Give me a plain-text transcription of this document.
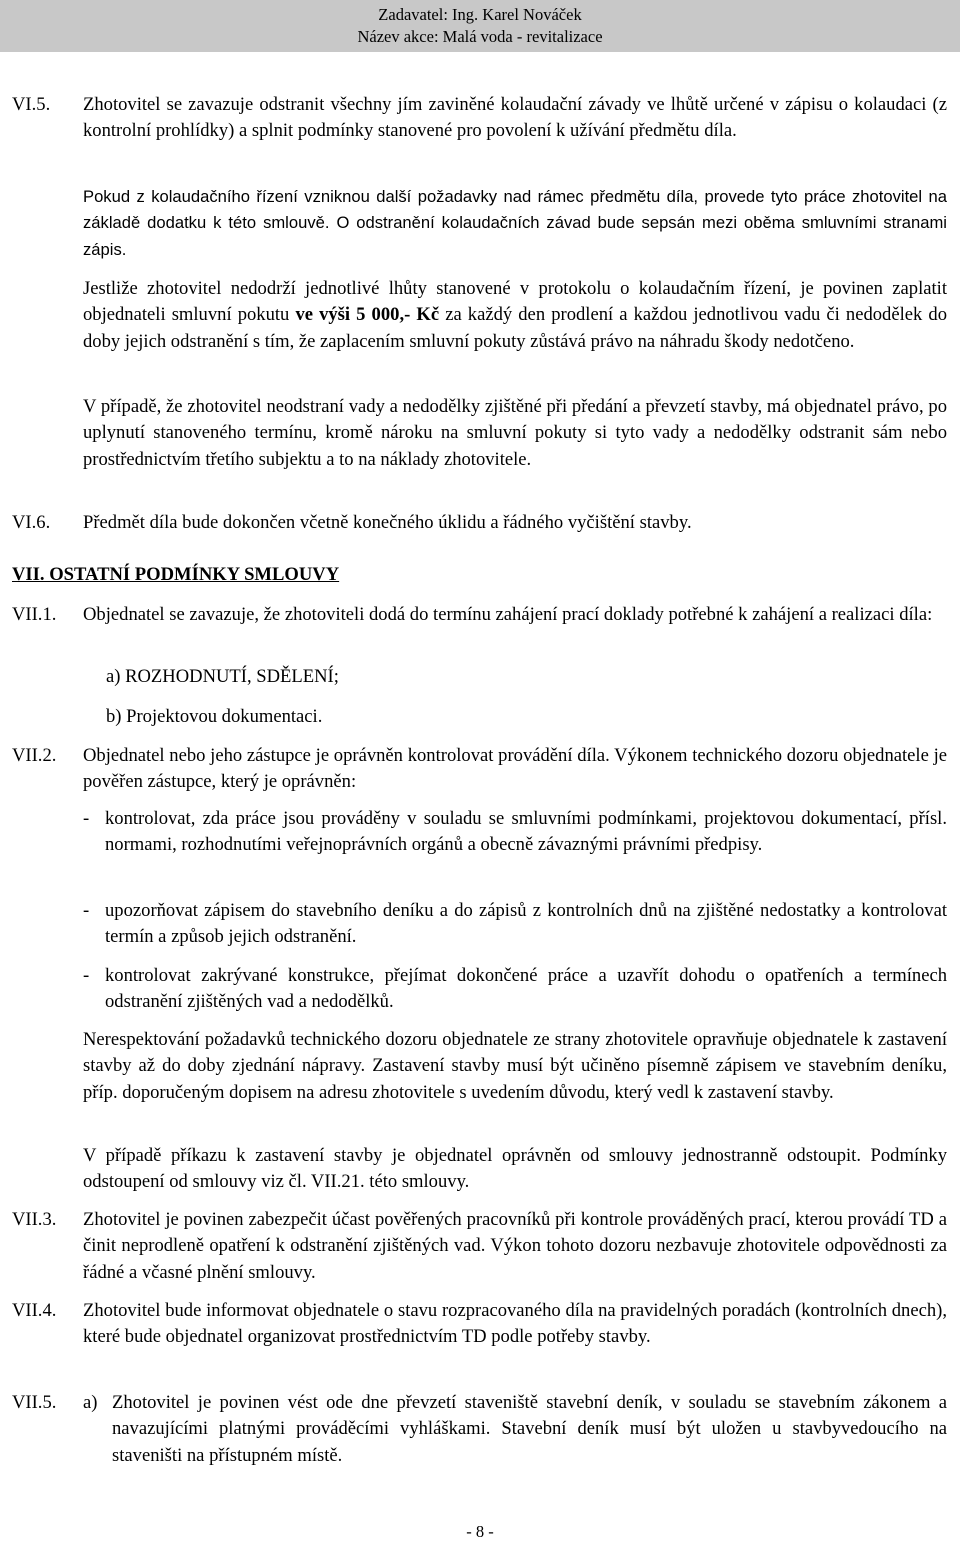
Zadavatel: Ing. Karel Nováček
Název akce: Malá voda - revitalizace

VI.5. Zhotovitel se zavazuje odstranit všechny jím zaviněné kolaudační závady ve lhůtě určené v zápisu o kolaudaci (z kontrolní prohlídky) a splnit podmínky stanovené pro povolení k užívání předmětu díla.

Pokud z kolaudačního řízení vzniknou další požadavky nad rámec předmětu díla, provede tyto práce zhotovitel na základě dodatku k této smlouvě. O odstranění kolaudačních závad bude sepsán mezi oběma smluvními stranami zápis.

Jestliže zhotovitel nedodrží jednotlivé lhůty stanovené v protokolu o kolaudačním řízení, je povinen zaplatit objednateli smluvní pokutu ve výši 5 000,- Kč za každý den prodlení a každou jednotlivou vadu či nedodělek do doby jejich odstranění s tím, že zaplacením smluvní pokuty zůstává právo na náhradu škody nedotčeno.

V případě, že zhotovitel neodstraní vady a nedodělky zjištěné při předání a převzetí stavby, má objednatel právo, po uplynutí stanoveného termínu, kromě nároku na smluvní pokuty si tyto vady a nedodělky odstranit sám nebo prostřednictvím třetího subjektu a to na náklady zhotovitele.

VI.6. Předmět díla bude dokončen včetně konečného úklidu a řádného vyčištění stavby.

VII. OSTATNÍ PODMÍNKY SMLOUVY

VII.1. Objednatel se zavazuje, že zhotoviteli dodá do termínu zahájení prací doklady potřebné k zahájení a realizaci díla:

a) ROZHODNUTÍ, SDĚLENÍ;

b) Projektovou dokumentaci.

VII.2. Objednatel nebo jeho zástupce je oprávněn kontrolovat provádění díla. Výkonem technického dozoru objednatele je pověřen zástupce, který je oprávněn:

- kontrolovat, zda práce jsou prováděny v souladu se smluvními podmínkami, projektovou dokumentací, přísl. normami, rozhodnutími veřejnoprávních orgánů a obecně závaznými právními předpisy.
- upozorňovat zápisem do stavebního deníku a do zápisů z kontrolních dnů na zjištěné nedostatky a kontrolovat termín a způsob jejich odstranění.
- kontrolovat zakrývané konstrukce, přejímat dokončené práce a uzavřít dohodu o opatřeních a termínech odstranění zjištěných vad a nedodělků.

Nerespektování požadavků technického dozoru objednatele ze strany zhotovitele opravňuje objednatele k zastavení stavby až do doby zjednání nápravy. Zastavení stavby musí být učiněno písemně zápisem ve stavebním deníku, příp. doporučeným dopisem na adresu zhotovitele s uvedením důvodu, který vedl k zastavení stavby.

V případě příkazu k zastavení stavby je objednatel oprávněn od smlouvy jednostranně odstoupit. Podmínky odstoupení od smlouvy viz čl. VII.21. této smlouvy.

VII.3. Zhotovitel je povinen zabezpečit účast pověřených pracovníků při kontrole prováděných prací, kterou provádí TD a činit neprodleně opatření k odstranění zjištěných vad. Výkon tohoto dozoru nezbavuje zhotovitele odpovědnosti za řádné a včasné plnění smlouvy.

VII.4. Zhotovitel bude informovat objednatele o stavu rozpracovaného díla na pravidelných poradách (kontrolních dnech), které bude objednatel organizovat prostřednictvím TD podle potřeby stavby.

VII.5. a) Zhotovitel je povinen vést ode dne převzetí staveniště stavební deník, v souladu se stavebním zákonem a navazujícími platnými prováděcími vyhláškami. Stavební deník musí být uložen u stavbyvedoucího na staveništi na přístupném místě.
- 8 -
